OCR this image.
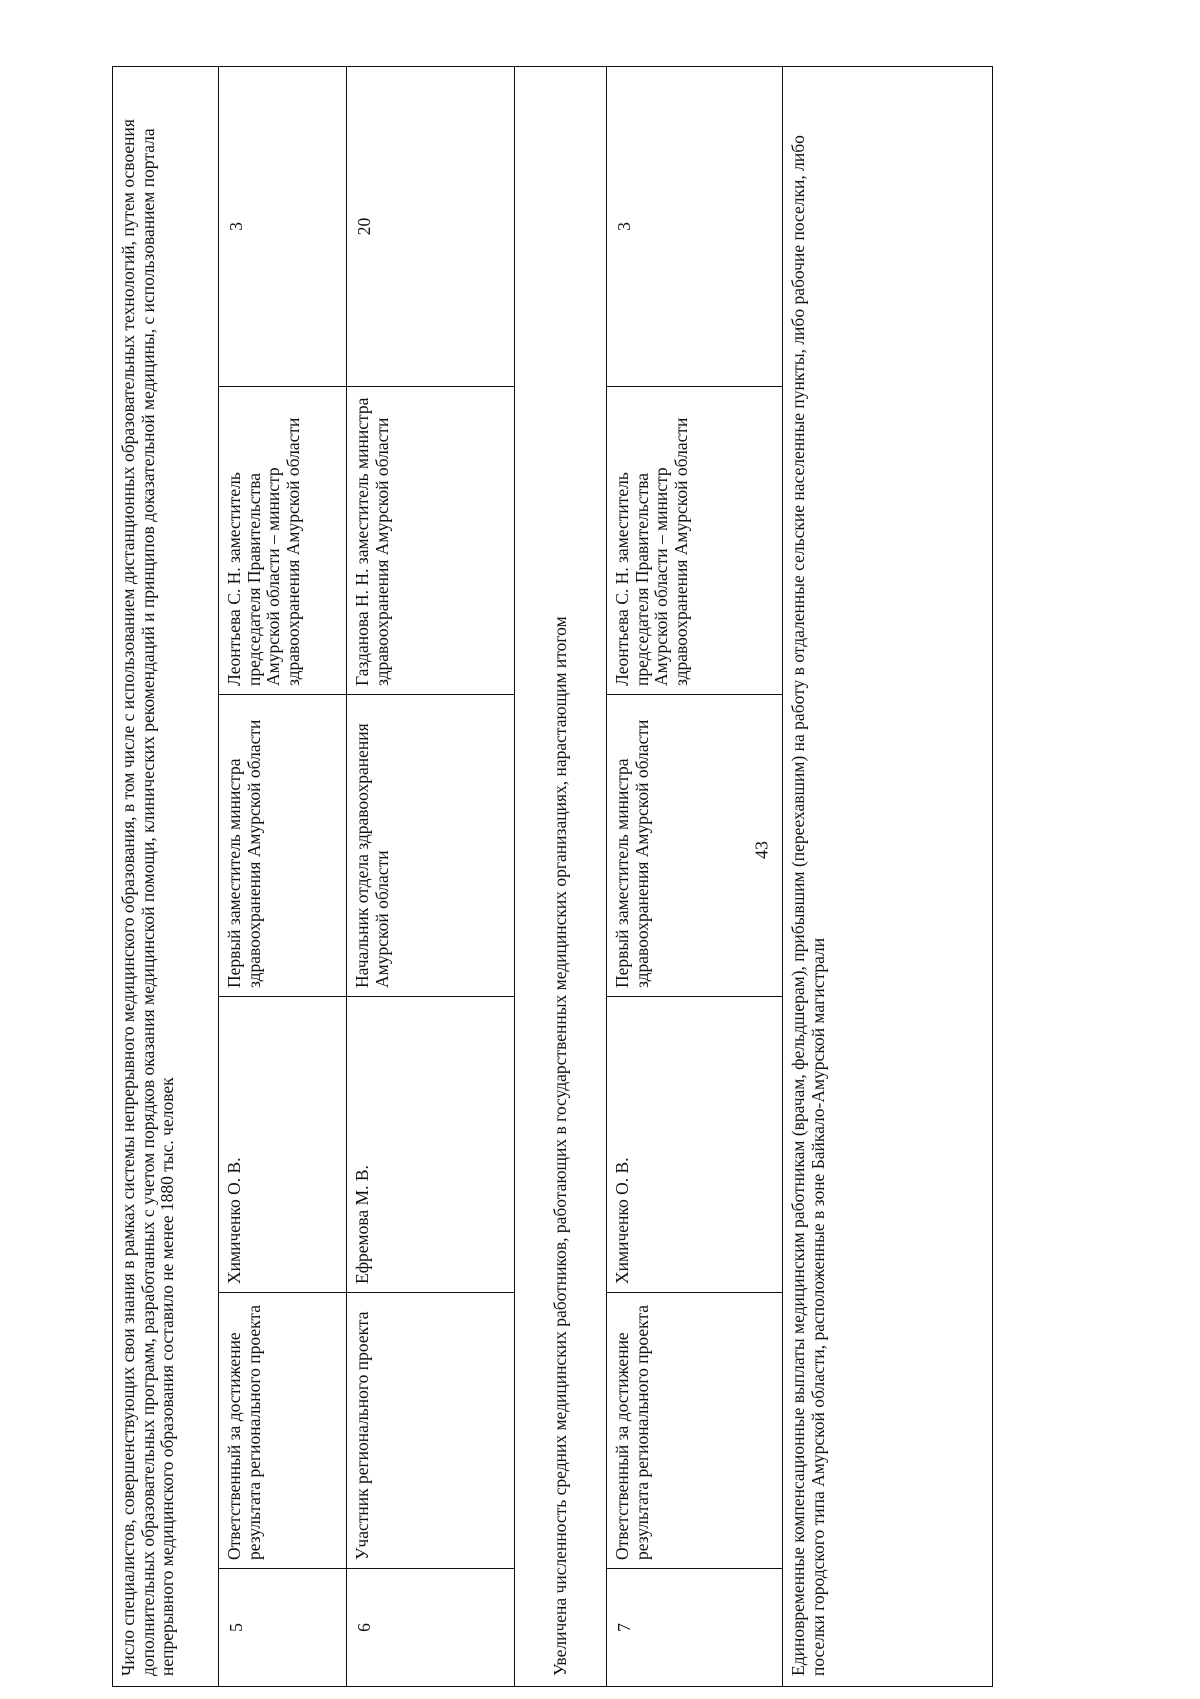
43
Число специалистов, совершенствующих свои знания в рамках системы непрерывного медицинского образования, в том числе с использованием дистанционных образовательных технологий, путем освоения дополнительных образовательных программ, разработанных с учетом порядков оказания медицинской помощи, клинических рекомендаций и принципов доказательной медицины, с использованием портала непрерывного медицинского образования составило не менее 1880 тыс. человек					
5	Ответственный за достижение результата регионального проекта	Химиченко О. В.	Первый заместитель министра здравоохранения Амурской области	Леонтьева С. Н. заместитель председателя Правительства Амурской области – министр здравоохранения Амурской области	3
6	Участник регионального проекта	Ефремова М. В.	Начальник отдела здравоохранения Амурской области	Газданова Н. Н. заместитель министра здравоохранения Амурской области	20
Увеличена численность средних медицинских работников, работающих в государственных медицинских организациях, нарастающим итогом					
7	Ответственный за достижение результата регионального проекта	Химиченко О. В.	Первый заместитель министра здравоохранения Амурской области	Леонтьева С. Н. заместитель председателя Правительства Амурской области – министр здравоохранения Амурской области	3
Единовременные компенсационные выплаты медицинским работникам (врачам, фельдшерам), прибывшим (переехавшим) на работу в отдаленные сельские населенные пункты, либо рабочие поселки, либо поселки городского типа Амурской области, расположенные в зоне Байкало-Амурской магистрали					
